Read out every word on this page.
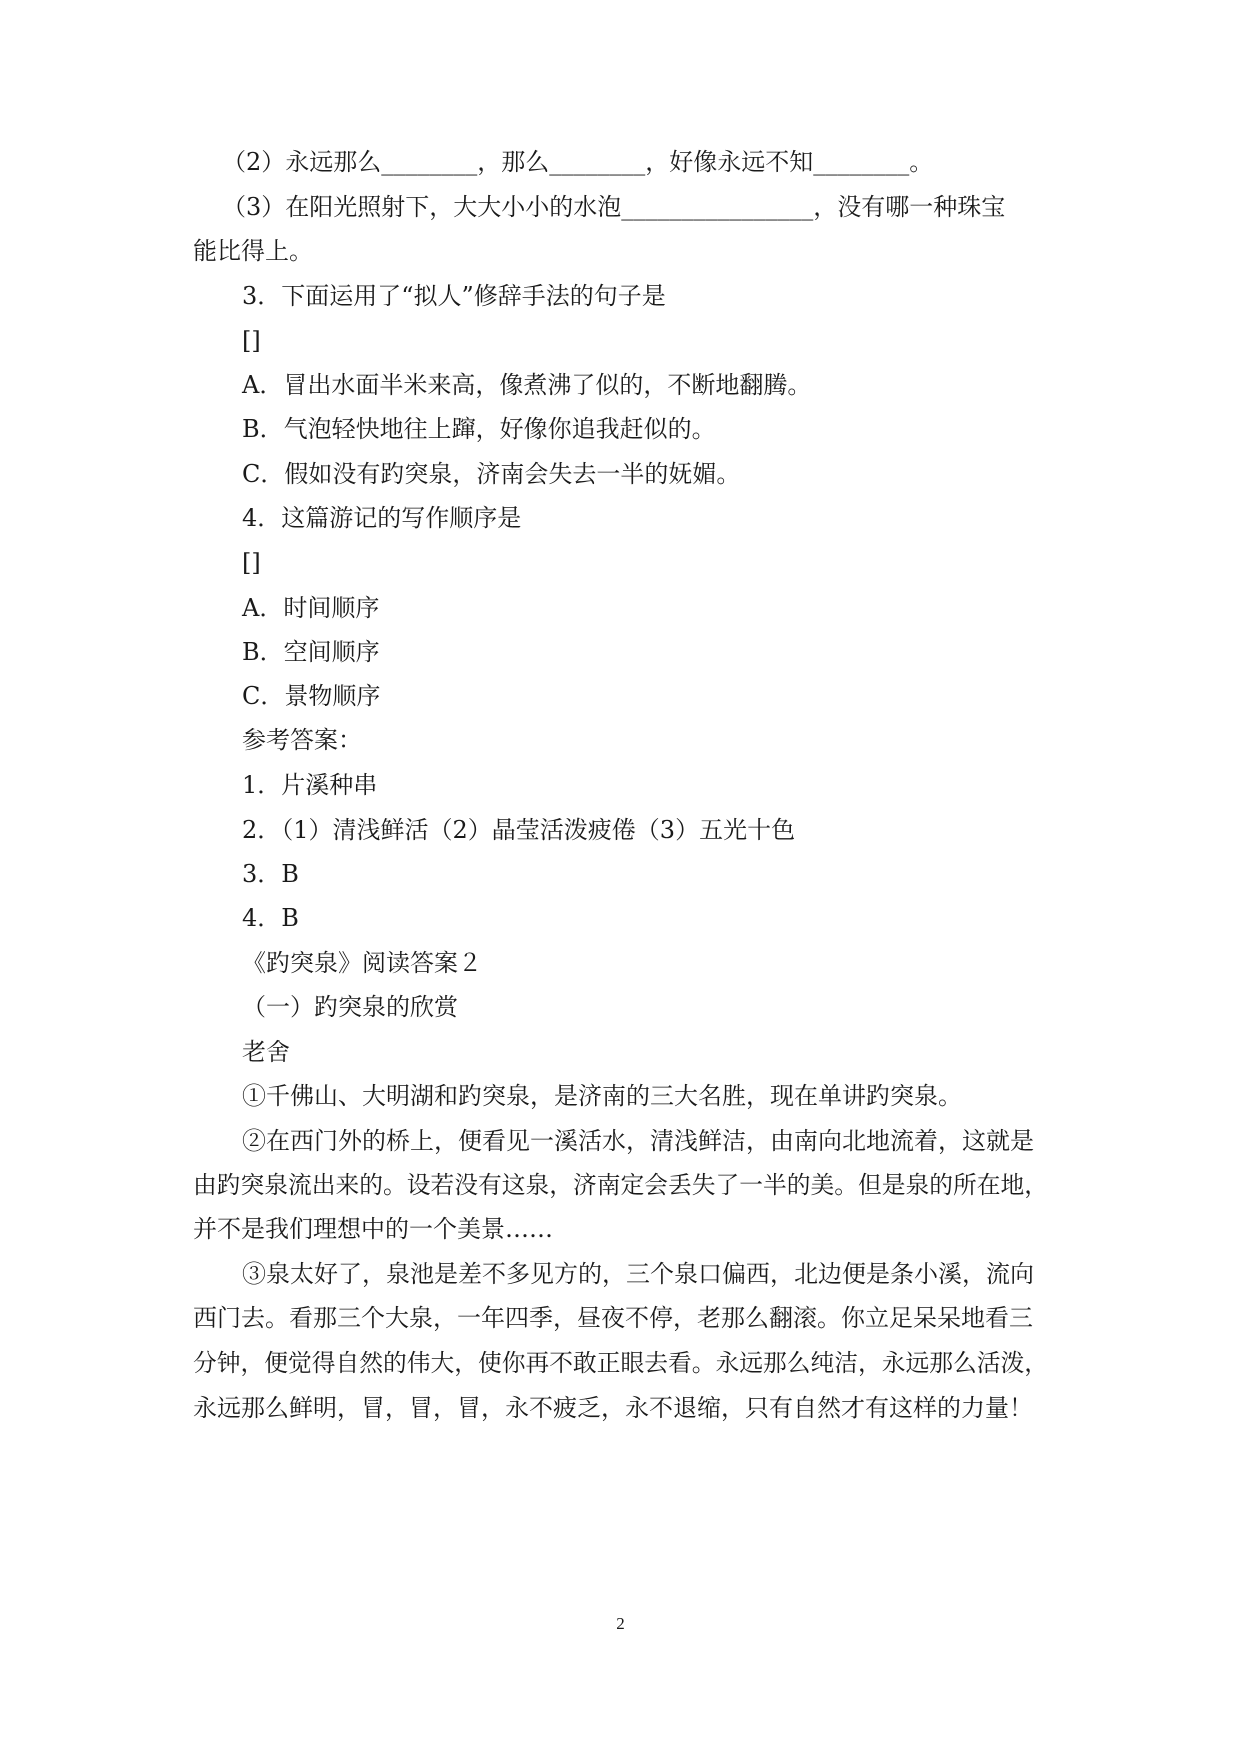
（2）永远那么________，那么________，好像永远不知________。
（3）在阳光照射下，大大小小的水泡________________，没有哪一种珠宝
能比得上。
3．下面运用了“拟人”修辞手法的句子是
[]
A．冒出水面半米来高，像煮沸了似的，不断地翻腾。
B．气泡轻快地往上蹿，好像你追我赶似的。
C．假如没有趵突泉，济南会失去一半的妩媚。
4．这篇游记的写作顺序是
[]
A．时间顺序
B．空间顺序
C．景物顺序
参考答案：
1．片溪种串
2．（1）清浅鲜活（2）晶莹活泼疲倦（3）五光十色
3．B
4．B
《趵突泉》阅读答案２
（一）趵突泉的欣赏
老舍
①千佛山、大明湖和趵突泉，是济南的三大名胜，现在单讲趵突泉。
②在西门外的桥上，便看见一溪活水，清浅鲜洁，由南向北地流着，这就是
由趵突泉流出来的。设若没有这泉，济南定会丢失了一半的美。但是泉的所在地，
并不是我们理想中的一个美景……
③泉太好了，泉池是差不多见方的，三个泉口偏西，北边便是条小溪，流向
西门去。看那三个大泉，一年四季，昼夜不停，老那么翻滚。你立足呆呆地看三
分钟，便觉得自然的伟大，使你再不敢正眼去看。永远那么纯洁，永远那么活泼，
永远那么鲜明，冒，冒，冒，永不疲乏，永不退缩，只有自然才有这样的力量！
2
